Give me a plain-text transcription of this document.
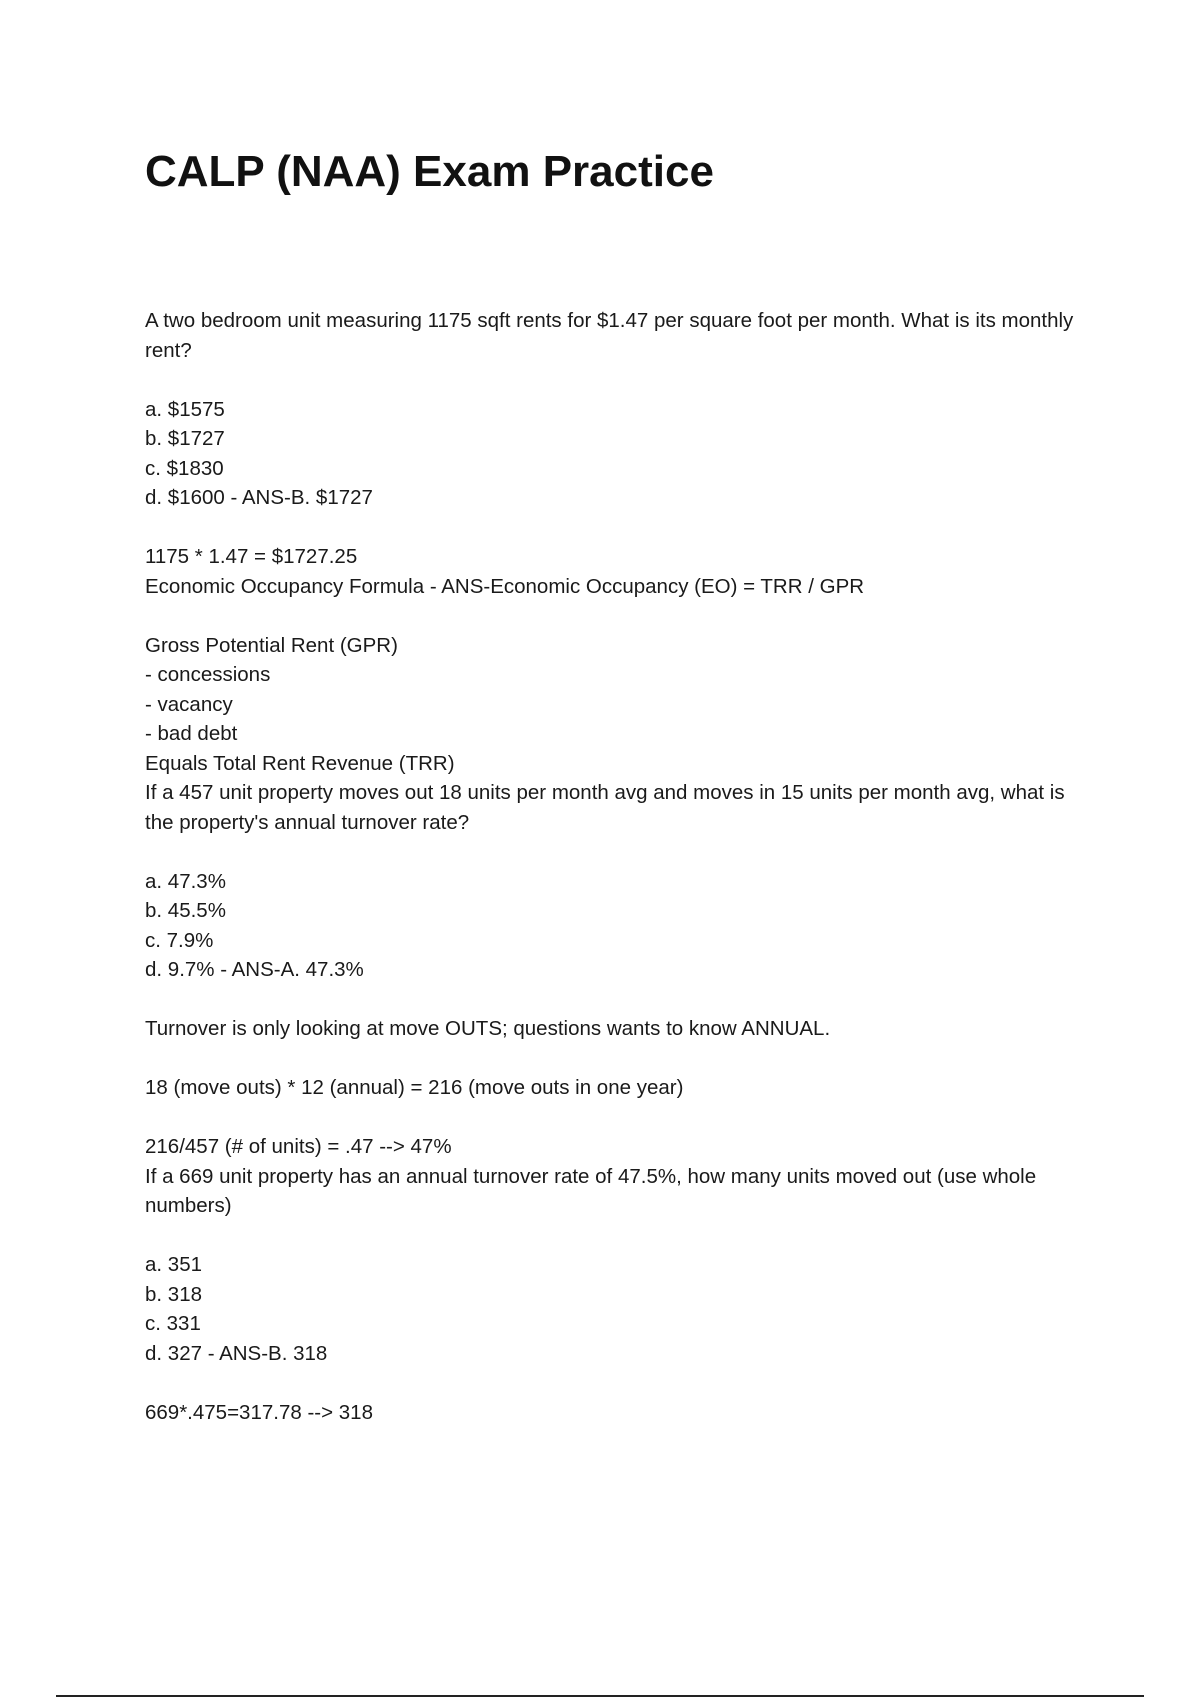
CALP (NAA) Exam Practice
A two bedroom unit measuring 1175 sqft rents for $1.47 per square foot per month. What is its monthly rent?
a. $1575
b. $1727
c. $1830
d. $1600 - ANS-B. $1727
1175 * 1.47 = $1727.25
Economic Occupancy Formula - ANS-Economic Occupancy (EO) = TRR / GPR
Gross Potential Rent (GPR)
- concessions
- vacancy
- bad debt
Equals Total Rent Revenue (TRR)
If a 457 unit property moves out 18 units per month avg and moves in 15 units per month avg, what is the property's annual turnover rate?
a. 47.3%
b. 45.5%
c. 7.9%
d. 9.7% - ANS-A. 47.3%
Turnover is only looking at move OUTS; questions wants to know ANNUAL.
18 (move outs) * 12 (annual) = 216 (move outs in one year)
216/457 (# of units) = .47 --> 47%
If a 669 unit property has an annual turnover rate of 47.5%, how many units moved out (use whole numbers)
a. 351
b. 318
c. 331
d. 327 - ANS-B. 318
669*.475=317.78 --> 318
